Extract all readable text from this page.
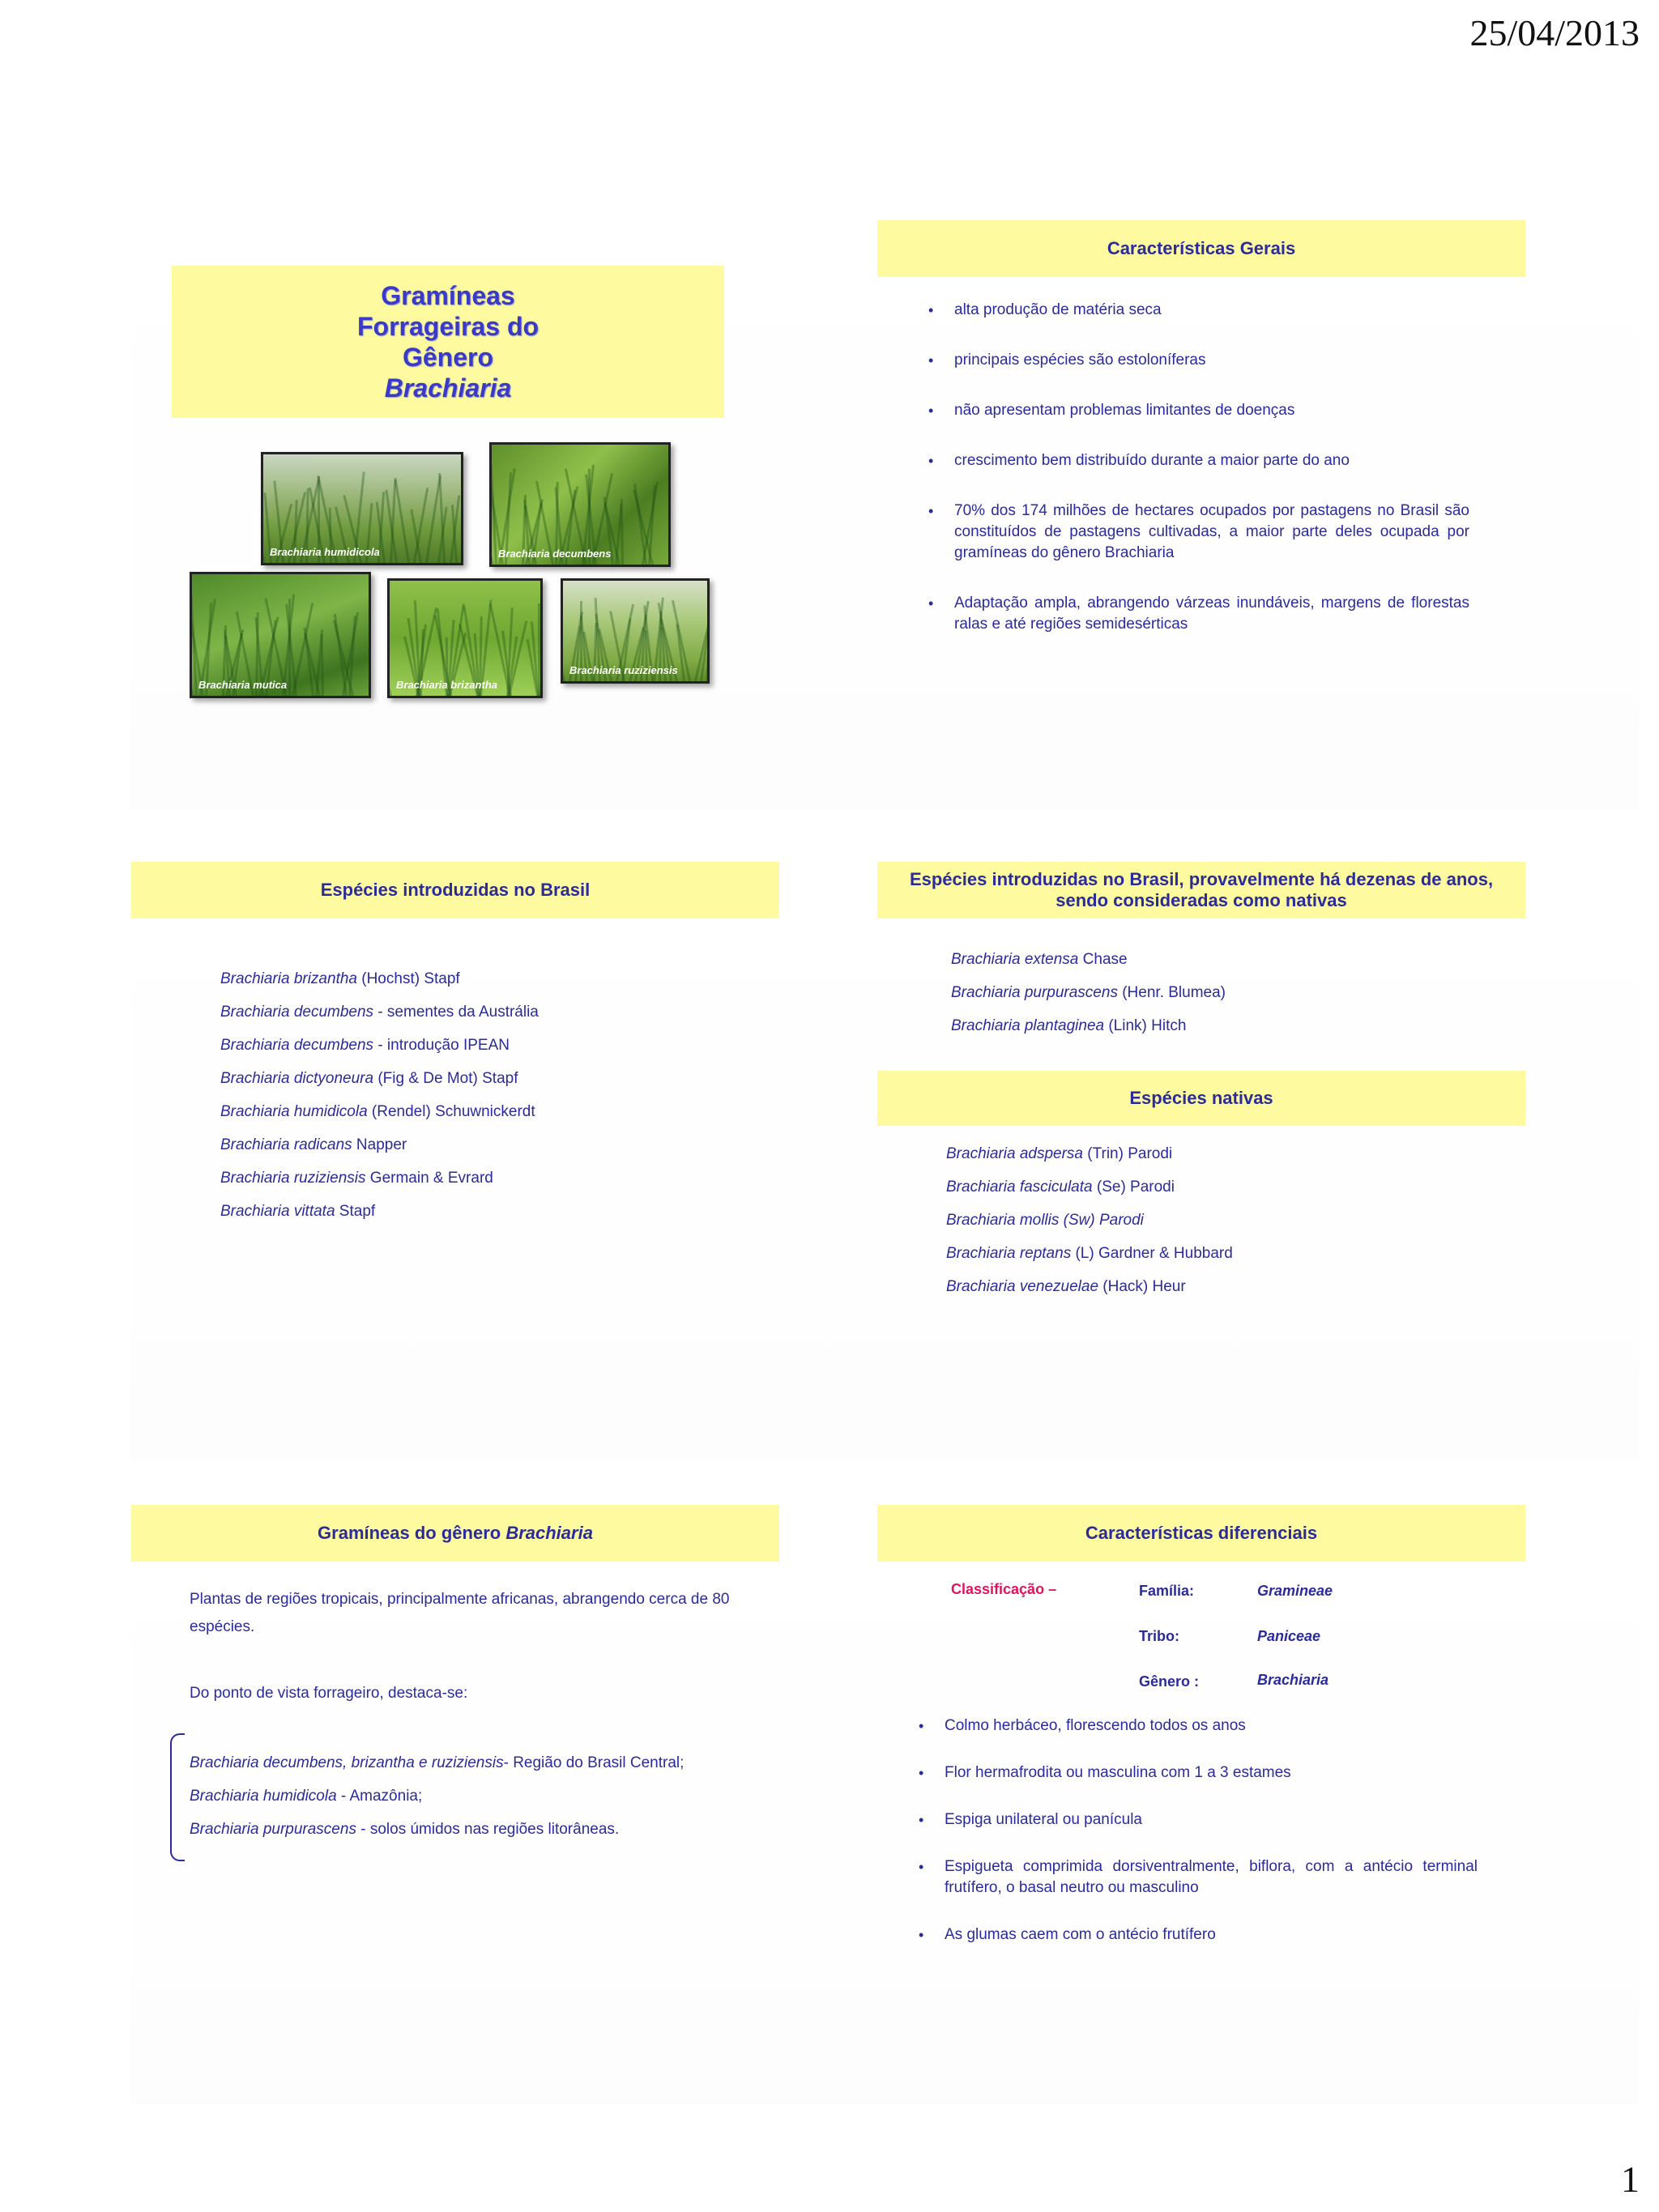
25/04/2013
Gramíneas
Forrageiras do
Gênero
Brachiaria
Brachiaria humidicola	Brachiaria decumbens
Brachiaria mutica	Brachiaria brizantha
Brachiaria ruziziensis
Características Gerais
• alta produção de matéria seca
• principais espécies são estoloníferas
• não apresentam problemas limitantes de doenças
• crescimento bem distribuído durante a maior parte do ano
• 70% dos 174 milhões de hectares ocupados por pastagens no Brasil são constituídos de pastagens cultivadas, a maior parte deles ocupada por gramíneas do gênero Brachiaria
• Adaptação ampla, abrangendo várzeas inundáveis, margens de florestas ralas e até regiões semidesérticas
Espécies introduzidas no Brasil
Brachiaria brizantha (Hochst) Stapf
Brachiaria decumbens - sementes da Austrália
Brachiaria decumbens - introdução IPEAN
Brachiaria dictyoneura (Fig & De Mot) Stapf
Brachiaria humidicola (Rendel) Schuwnickerdt
Brachiaria radicans Napper
Brachiaria ruziziensis Germain & Evrard
Brachiaria vittata Stapf
Espécies introduzidas no Brasil, provavelmente há dezenas de anos, sendo consideradas como nativas
Brachiaria extensa Chase
Brachiaria purpurascens (Henr. Blumea)
Brachiaria plantaginea (Link) Hitch
Espécies nativas
Brachiaria adspersa (Trin) Parodi
Brachiaria fasciculata (Se) Parodi
Brachiaria mollis (Sw) Parodi
Brachiaria reptans (L) Gardner & Hubbard
Brachiaria venezuelae (Hack) Heur
Gramíneas do gênero Brachiaria
Plantas de regiões tropicais, principalmente africanas, abrangendo cerca de 80 espécies.
Do ponto de vista forrageiro, destaca-se:
Brachiaria decumbens, brizantha e ruziziensis- Região do Brasil Central;
Brachiaria humidicola - Amazônia;
Brachiaria purpurascens - solos úmidos nas regiões litorâneas.
Características diferenciais
Classificação –	Família:	Gramineae
Tribo:	Paniceae
Gênero :	Brachiaria
• Colmo herbáceo, florescendo todos os anos
• Flor hermafrodita ou masculina com 1 a 3 estames
• Espiga unilateral ou panícula
• Espigueta comprimida dorsiventralmente, biflora, com a antécio terminal frutífero, o basal neutro ou masculino
• As glumas caem com o antécio frutífero
1
